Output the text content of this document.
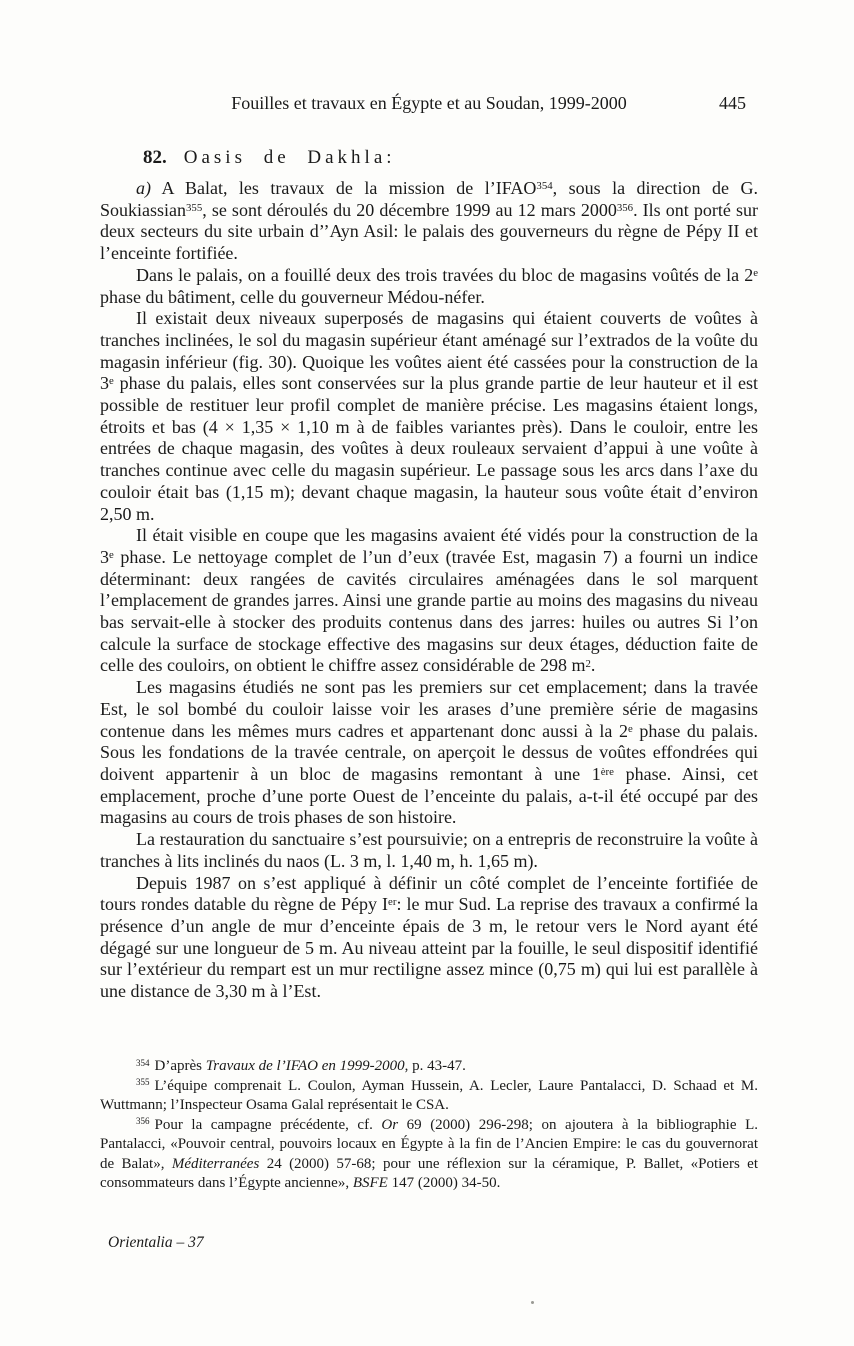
Fouilles et travaux en Égypte et au Soudan, 1999-2000	445
82. Oasis de Dakhla:

a) A Balat, les travaux de la mission de l’IFAO$^{354}$, sous la direction de G. Soukiassian$^{355}$, se sont déroulés du 20 décembre 1999 au 12 mars 2000$^{356}$. Ils ont porté sur deux secteurs du site urbain d’’Ayn Asil: le palais des gouverneurs du règne de Pépy II et l’enceinte fortifiée.

Dans le palais, on a fouillé deux des trois travées du bloc de magasins voûtés de la 2e phase du bâtiment, celle du gouverneur Médou-néfer.

Il existait deux niveaux superposés de magasins qui étaient couverts de voûtes à tranches inclinées, le sol du magasin supérieur étant aménagé sur l’extrados de la voûte du magasin inférieur (fig. 30). Quoique les voûtes aient été cassées pour la construction de la 3e phase du palais, elles sont conservées sur la plus grande partie de leur hauteur et il est possible de restituer leur profil complet de manière précise. Les magasins étaient longs, étroits et bas (4 × 1,35 × 1,10 m à de faibles variantes près). Dans le couloir, entre les entrées de chaque magasin, des voûtes à deux rouleaux servaient d’appui à une voûte à tranches continue avec celle du magasin supérieur. Le passage sous les arcs dans l’axe du couloir était bas (1,15 m); devant chaque magasin, la hauteur sous voûte était d’environ 2,50 m.

Il était visible en coupe que les magasins avaient été vidés pour la construction de la 3e phase. Le nettoyage complet de l’un d’eux (travée Est, magasin 7) a fourni un indice déterminant: deux rangées de cavités circulaires aménagées dans le sol marquent l’emplacement de grandes jarres. Ainsi une grande partie au moins des magasins du niveau bas servait-elle à stocker des produits contenus dans des jarres: huiles ou autres Si l’on calcule la surface de stockage effective des magasins sur deux étages, déduction faite de celle des couloirs, on obtient le chiffre assez considérable de 298 $m^2$.

Les magasins étudiés ne sont pas les premiers sur cet emplacement; dans la travée Est, le sol bombé du couloir laisse voir les arases d’une première série de magasins contenue dans les mêmes murs cadres et appartenant donc aussi à la 2e phase du palais. Sous les fondations de la travée centrale, on aperçoit le dessus de voûtes effondrées qui doivent appartenir à un bloc de magasins remontant à une 1ère phase. Ainsi, cet emplacement, proche d’une porte Ouest de l’enceinte du palais, a-t-il été occupé par des magasins au cours de trois phases de son histoire.

La restauration du sanctuaire s’est poursuivie; on a entrepris de reconstruire la voûte à tranches à lits inclinés du naos (L. 3 m, l. 1,40 m, h. 1,65 m).

Depuis 1987 on s’est appliqué à définir un côté complet de l’enceinte fortifiée de tours rondes datable du règne de Pépy Ier: le mur Sud. La reprise des travaux a confirmé la présence d’un angle de mur d’enceinte épais de 3 m, le retour vers le Nord ayant été dégagé sur une longueur de 5 m. Au niveau atteint par la fouille, le seul dispositif identifié sur l’extérieur du rempart est un mur rectiligne assez mince (0,75 m) qui lui est parallèle à une distance de 3,30 m à l’Est.

$^{354}$ D’après Travaux de l’IFAO en 1999-2000, p. 43-47.

$^{355}$ L’équipe comprenait L. Coulon, Ayman Hussein, A. Lecler, Laure Pantalacci, D. Schaad et M. Wuttmann; l’Inspecteur Osama Galal représentait le CSA.

$^{356}$ Pour la campagne précédente, cf. Or 69 (2000) 296-298; on ajoutera à la bibliographie L. Pantalacci, «Pouvoir central, pouvoirs locaux en Égypte à la fin de l’Ancien Empire: le cas du gouvernorat de Balat», Méditerranées 24 (2000) 57-68; pour une réflexion sur la céramique, P. Ballet, «Potiers et consommateurs dans l’Égypte ancienne», BSFE 147 (2000) 34-50.

Orientalia – 37
